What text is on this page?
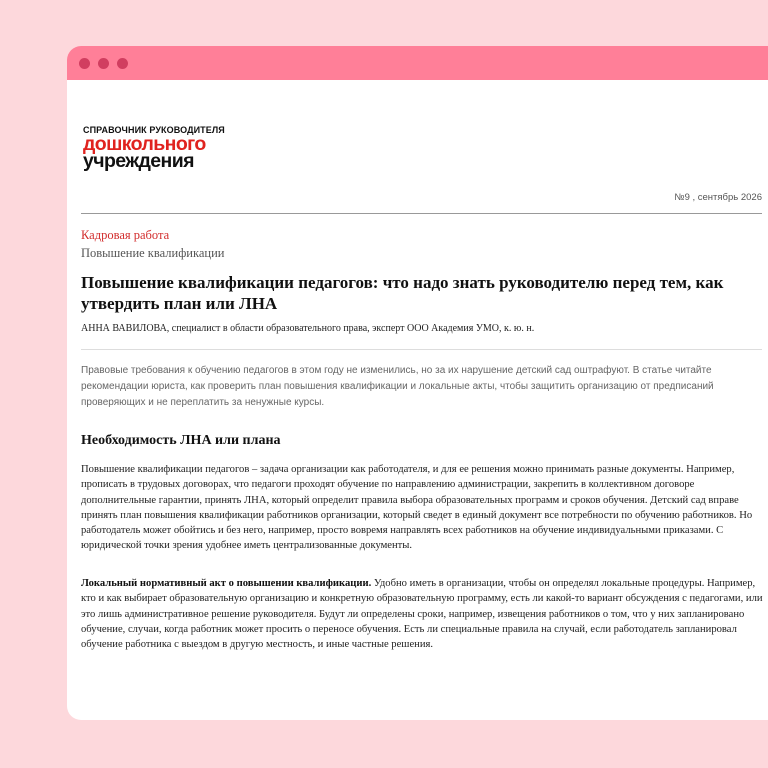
СПРАВОЧНИК РУКОВОДИТЕЛЯ
дошкольного
учреждения
№9 , сентябрь 2026
Кадровая работа
Повышение квалификации
Повышение квалификации педагогов: что надо знать руководителю перед тем, как утвердить план или ЛНА
АННА ВАВИЛОВА, специалист в области образовательного права, эксперт ООО Академия УМО, к. ю. н.

Правовые требования к обучению педагогов в этом году не изменились, но за их нарушение детский сад оштрафуют. В статье читайте рекомендации юриста, как проверить план повышения квалификации и локальные акты, чтобы защитить организацию от предписаний проверяющих и не переплатить за ненужные курсы.

Необходимость ЛНА или плана

Повышение квалификации педагогов – задача организации как работодателя, и для ее решения можно принимать разные документы. Например, прописать в трудовых договорах, что педагоги проходят обучение по направлению администрации, закрепить в коллективном договоре дополнительные гарантии, принять ЛНА, который определит правила выбора образовательных программ и сроков обучения. Детский сад вправе принять план повышения квалификации работников организации, который сведет в единый документ все потребности по обучению работников. Но работодатель может обойтись и без него, например, просто вовремя направлять всех работников на обучение индивидуальными приказами. С юридической точки зрения удобнее иметь централизованные документы.

Локальный нормативный акт о повышении квалификации. Удобно иметь в организации, чтобы он определял локальные процедуры. Например, кто и как выбирает образовательную организацию и конкретную образовательную программу, есть ли какой-то вариант обсуждения с педагогами, или это лишь административное решение руководителя. Будут ли определены сроки, например, извещения работников о том, что у них запланировано обучение, случаи, когда работник может просить о переносе обучения. Есть ли специальные правила на случай, если работодатель запланировал обучение работника с выездом в другую местность, и иные частные решения.
